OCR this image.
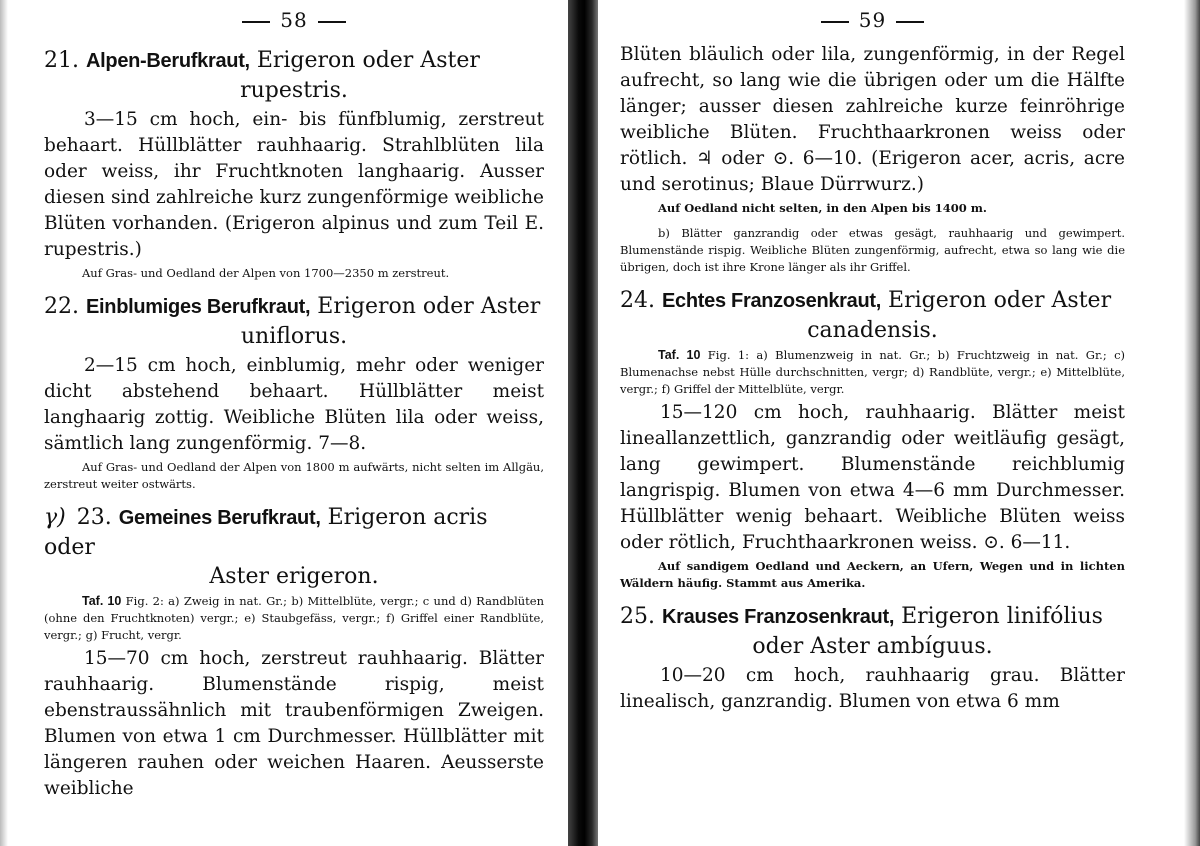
58
21. Alpen-Berufkraut, Erigeron oder Aster
rupestris.

3—15 cm hoch, ein- bis fünfblumig, zerstreut behaart. Hüllblätter rauhhaarig. Strahlblüten lila oder weiss, ihr Fruchtknoten langhaarig. Ausser diesen sind zahlreiche kurz zungenförmige weibliche Blüten vorhanden. (Erigeron alpinus und zum Teil E. rupestris.)

Auf Gras- und Oedland der Alpen von 1700—2350 m zerstreut.

22. Einblumiges Berufkraut, Erigeron oder Aster
uniflorus.

2—15 cm hoch, einblumig, mehr oder weniger dicht abstehend behaart. Hüllblätter meist langhaarig zottig. Weibliche Blüten lila oder weiss, sämtlich lang zungenförmig. 7—8.

Auf Gras- und Oedland der Alpen von 1800 m aufwärts, nicht selten im Allgäu, zerstreut weiter ostwärts.

γ) 23. Gemeines Berufkraut, Erigeron acris oder
Aster erigeron.

Taf. 10 Fig. 2: a) Zweig in nat. Gr.; b) Mittelblüte, vergr.; c und d) Randblüten (ohne den Fruchtknoten) vergr.; e) Staubgefäss, vergr.; f) Griffel einer Randblüte, vergr.; g) Frucht, vergr.

15—70 cm hoch, zerstreut rauhhaarig. Blätter rauhhaarig. Blumenstände rispig, meist ebenstraussähnlich mit traubenförmigen Zweigen. Blumen von etwa 1 cm Durchmesser. Hüllblätter mit längeren rauhen oder weichen Haaren. Aeusserste weibliche

59

Blüten bläulich oder lila, zungenförmig, in der Regel aufrecht, so lang wie die übrigen oder um die Hälfte länger; ausser diesen zahlreiche kurze feinröhrige weibliche Blüten. Fruchthaarkronen weiss oder rötlich. ♃ oder ⊙. 6—10. (Erigeron acer, acris, acre und serotinus; Blaue Dürrwurz.)

Auf Oedland nicht selten, in den Alpen bis 1400 m.

b) Blätter ganzrandig oder etwas gesägt, rauhhaarig und gewimpert. Blumenstände rispig. Weibliche Blüten zungenförmig, aufrecht, etwa so lang wie die übrigen, doch ist ihre Krone länger als ihr Griffel.

24. Echtes Franzosenkraut, Erigeron oder Aster
canadensis.

Taf. 10 Fig. 1: a) Blumenzweig in nat. Gr.; b) Fruchtzweig in nat. Gr.; c) Blumenachse nebst Hülle durchschnitten, vergr; d) Randblüte, vergr.; e) Mittelblüte, vergr.; f) Griffel der Mittelblüte, vergr.

15—120 cm hoch, rauhhaarig. Blätter meist lineallanzettlich, ganzrandig oder weitläufig gesägt, lang gewimpert. Blumenstände reichblumig langrispig. Blumen von etwa 4—6 mm Durchmesser. Hüllblätter wenig behaart. Weibliche Blüten weiss oder rötlich, Fruchthaarkronen weiss. ⊙. 6—11.

Auf sandigem Oedland und Aeckern, an Ufern, Wegen und in lichten Wäldern häufig. Stammt aus Amerika.

25. Krauses Franzosenkraut, Erigeron linifólius
oder Aster ambíguus.

10—20 cm hoch, rauhhaarig grau. Blätter linealisch, ganzrandig. Blumen von etwa 6 mm
